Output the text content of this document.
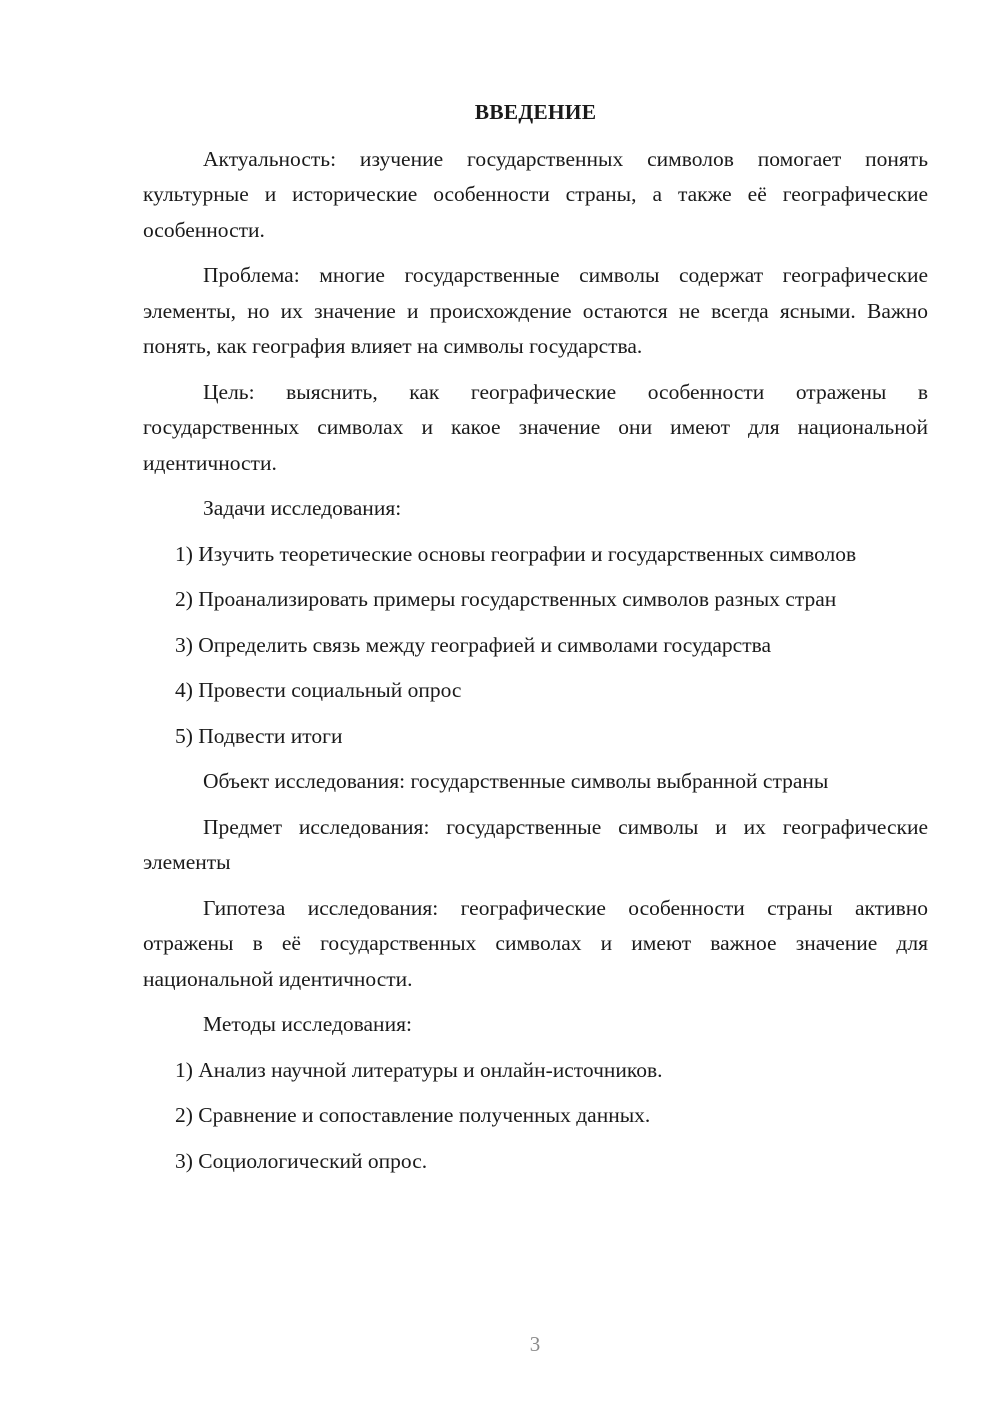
ВВЕДЕНИЕ

Актуальность: изучение государственных символов помогает понять культурные и исторические особенности страны, а также её географические особенности.

Проблема: многие государственные символы содержат географические элементы, но их значение и происхождение остаются не всегда ясными. Важно понять, как география влияет на символы государства.

Цель: выяснить, как географические особенности отражены в государственных символах и какое значение они имеют для национальной идентичности.

Задачи исследования:

1) Изучить теоретические основы географии и государственных символов

2) Проанализировать примеры государственных символов разных стран

3) Определить связь между географией и символами государства

4) Провести социальный опрос

5) Подвести итоги

Объект исследования: государственные символы выбранной страны

Предмет исследования: государственные символы и их географические элементы

Гипотеза исследования: географические особенности страны активно отражены в её государственных символах и имеют важное значение для национальной идентичности.

Методы исследования:

1) Анализ научной литературы и онлайн-источников.

2) Сравнение и сопоставление полученных данных.

3) Социологический опрос.

3
